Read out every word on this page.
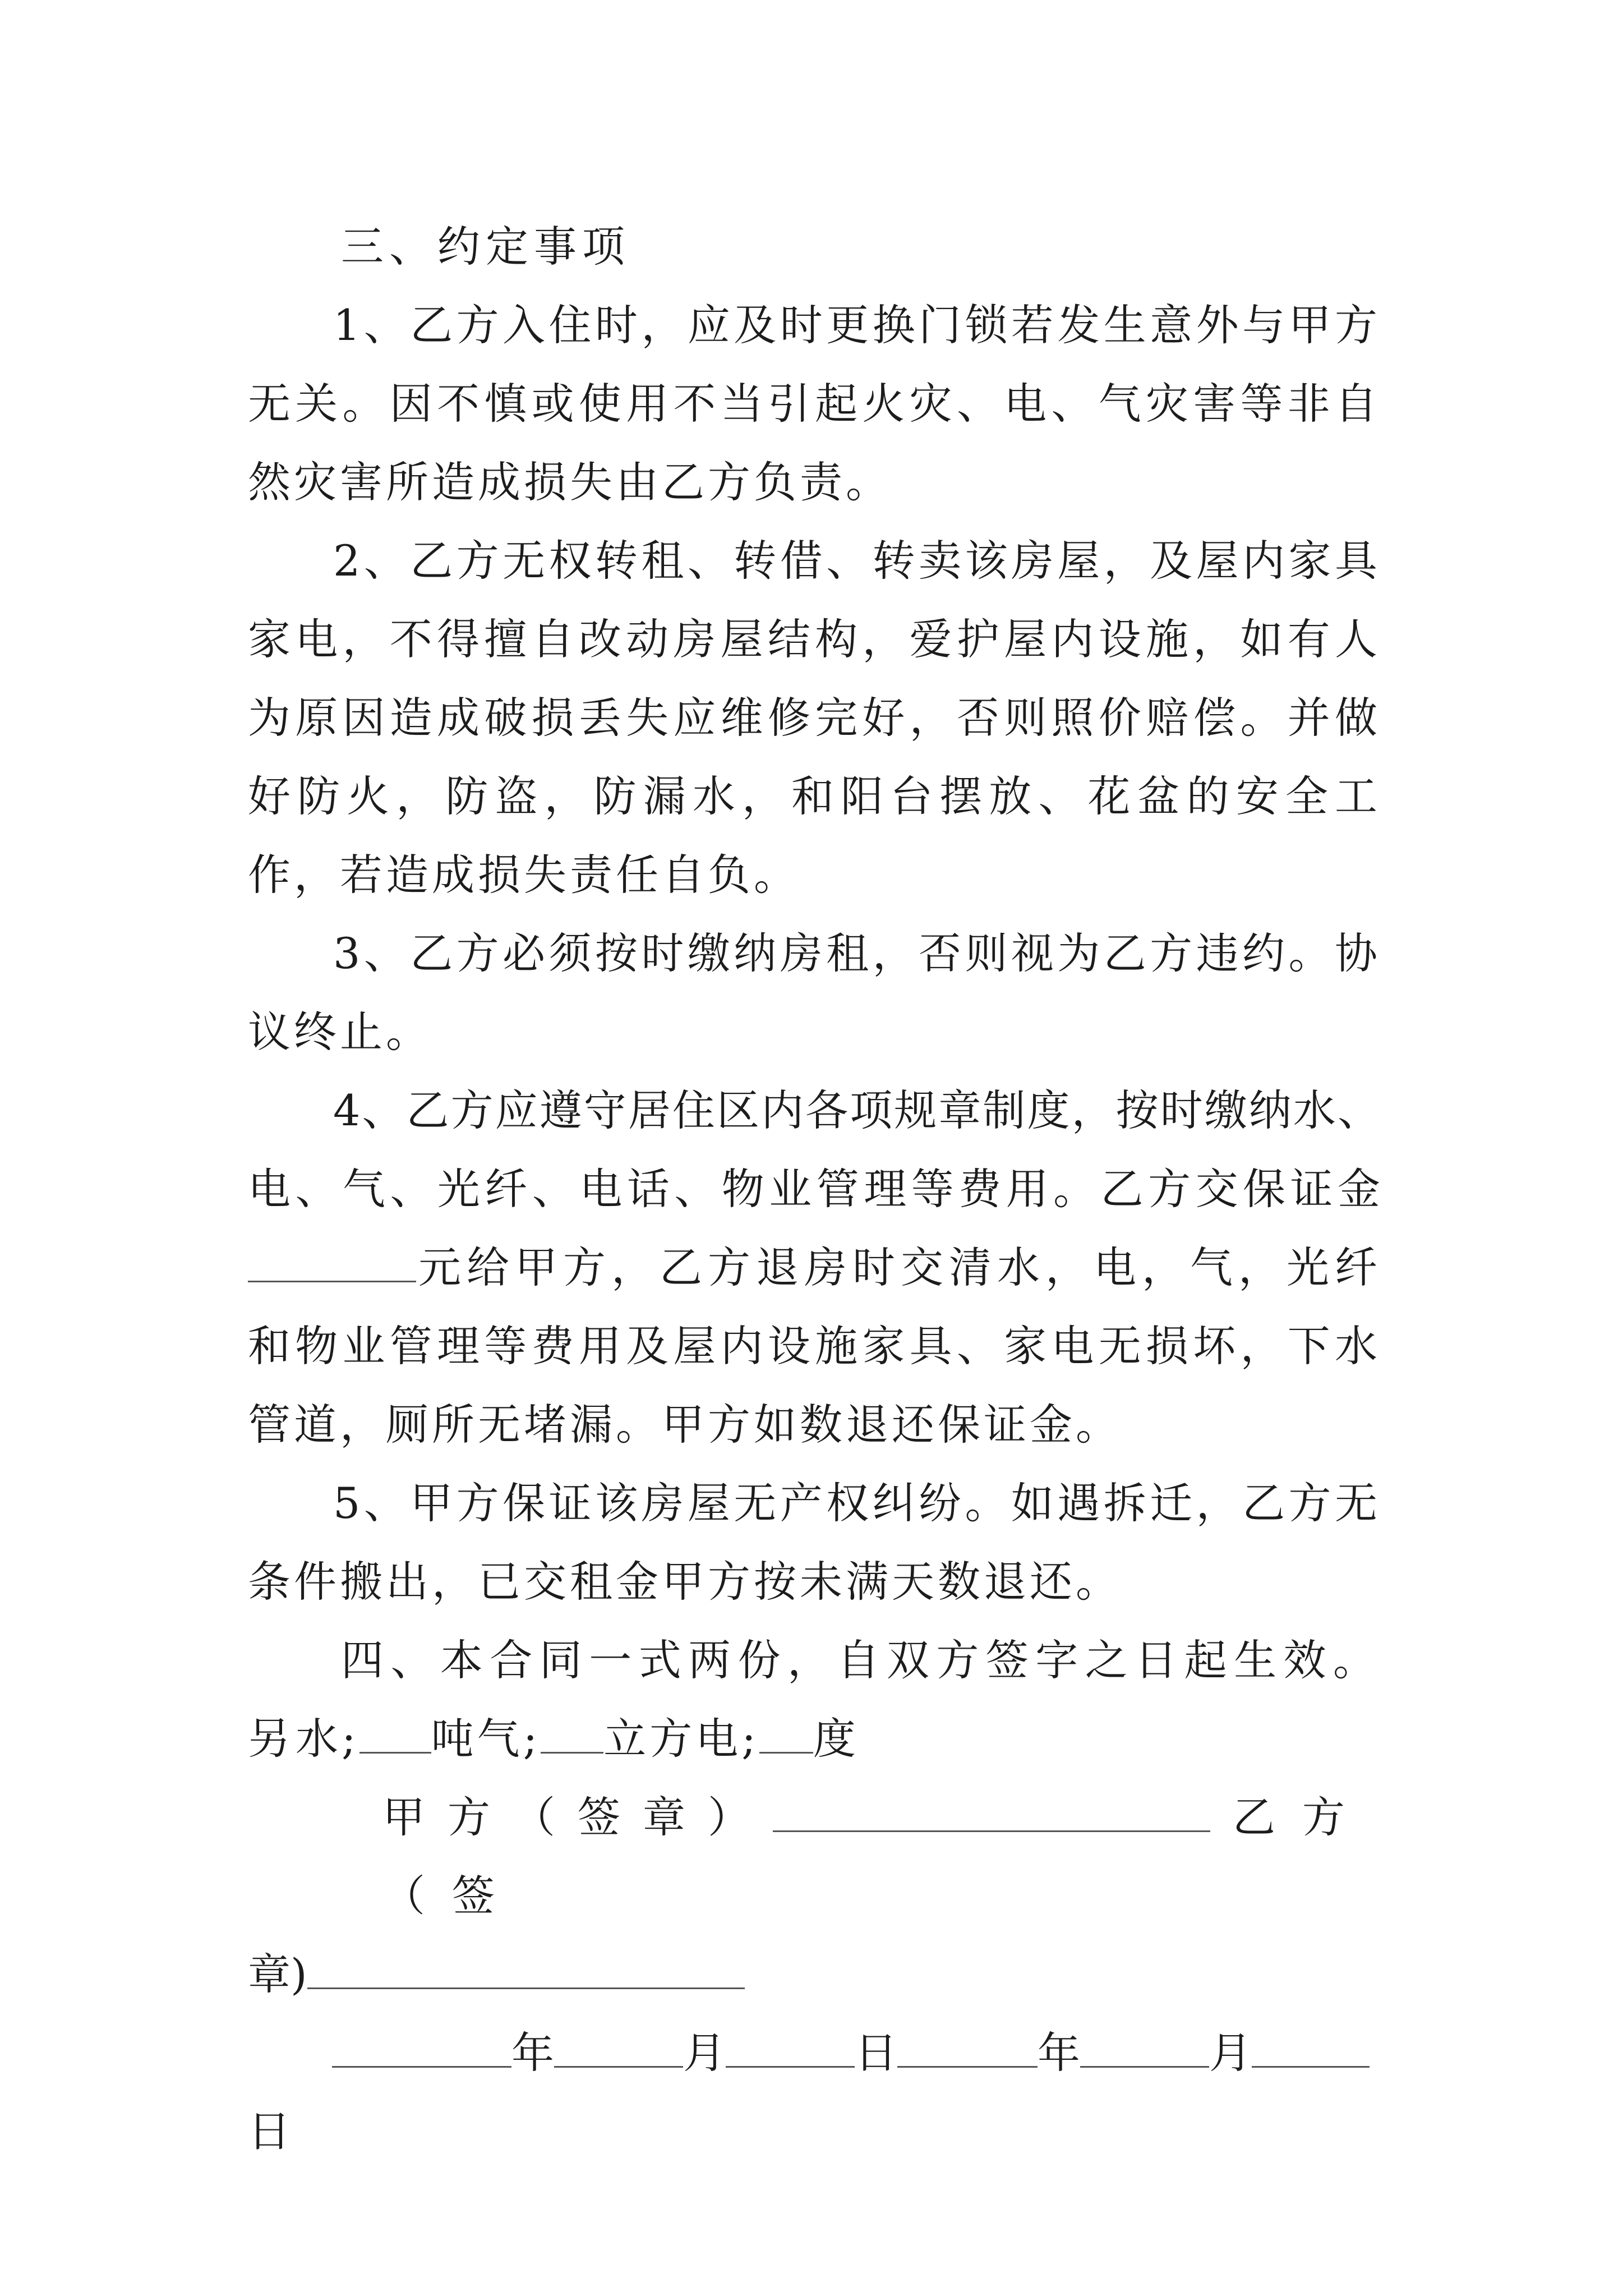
三、约定事项

1、乙方入住时，应及时更换门锁若发生意外与甲方无关。因不慎或使用不当引起火灾、电、气灾害等非自然灾害所造成损失由乙方负责。

2、乙方无权转租、转借、转卖该房屋，及屋内家具家电，不得擅自改动房屋结构，爱护屋内设施，如有人为原因造成破损丢失应维修完好，否则照价赔偿。并做好防火，防盗，防漏水，和阳台摆放、花盆的安全工作，若造成损失责任自负。

3、乙方必须按时缴纳房租，否则视为乙方违约。协议终止。

4、乙方应遵守居住区内各项规章制度，按时缴纳水、电、气、光纤、电话、物业管理等费用。乙方交保证金元给甲方，乙方退房时交清水，电，气，光纤和物业管理等费用及屋内设施家具、家电无损坏，下水管道，厕所无堵漏。甲方如数退还保证金。

5、甲方保证该房屋无产权纠纷。如遇拆迁，乙方无条件搬出，已交租金甲方按未满天数退还。

四、本合同一式两份，自双方签字之日起生效。另水; 吨气; 立方电; 度

甲方（签章）	乙方（签

章)

年	月	日	年	月

日
